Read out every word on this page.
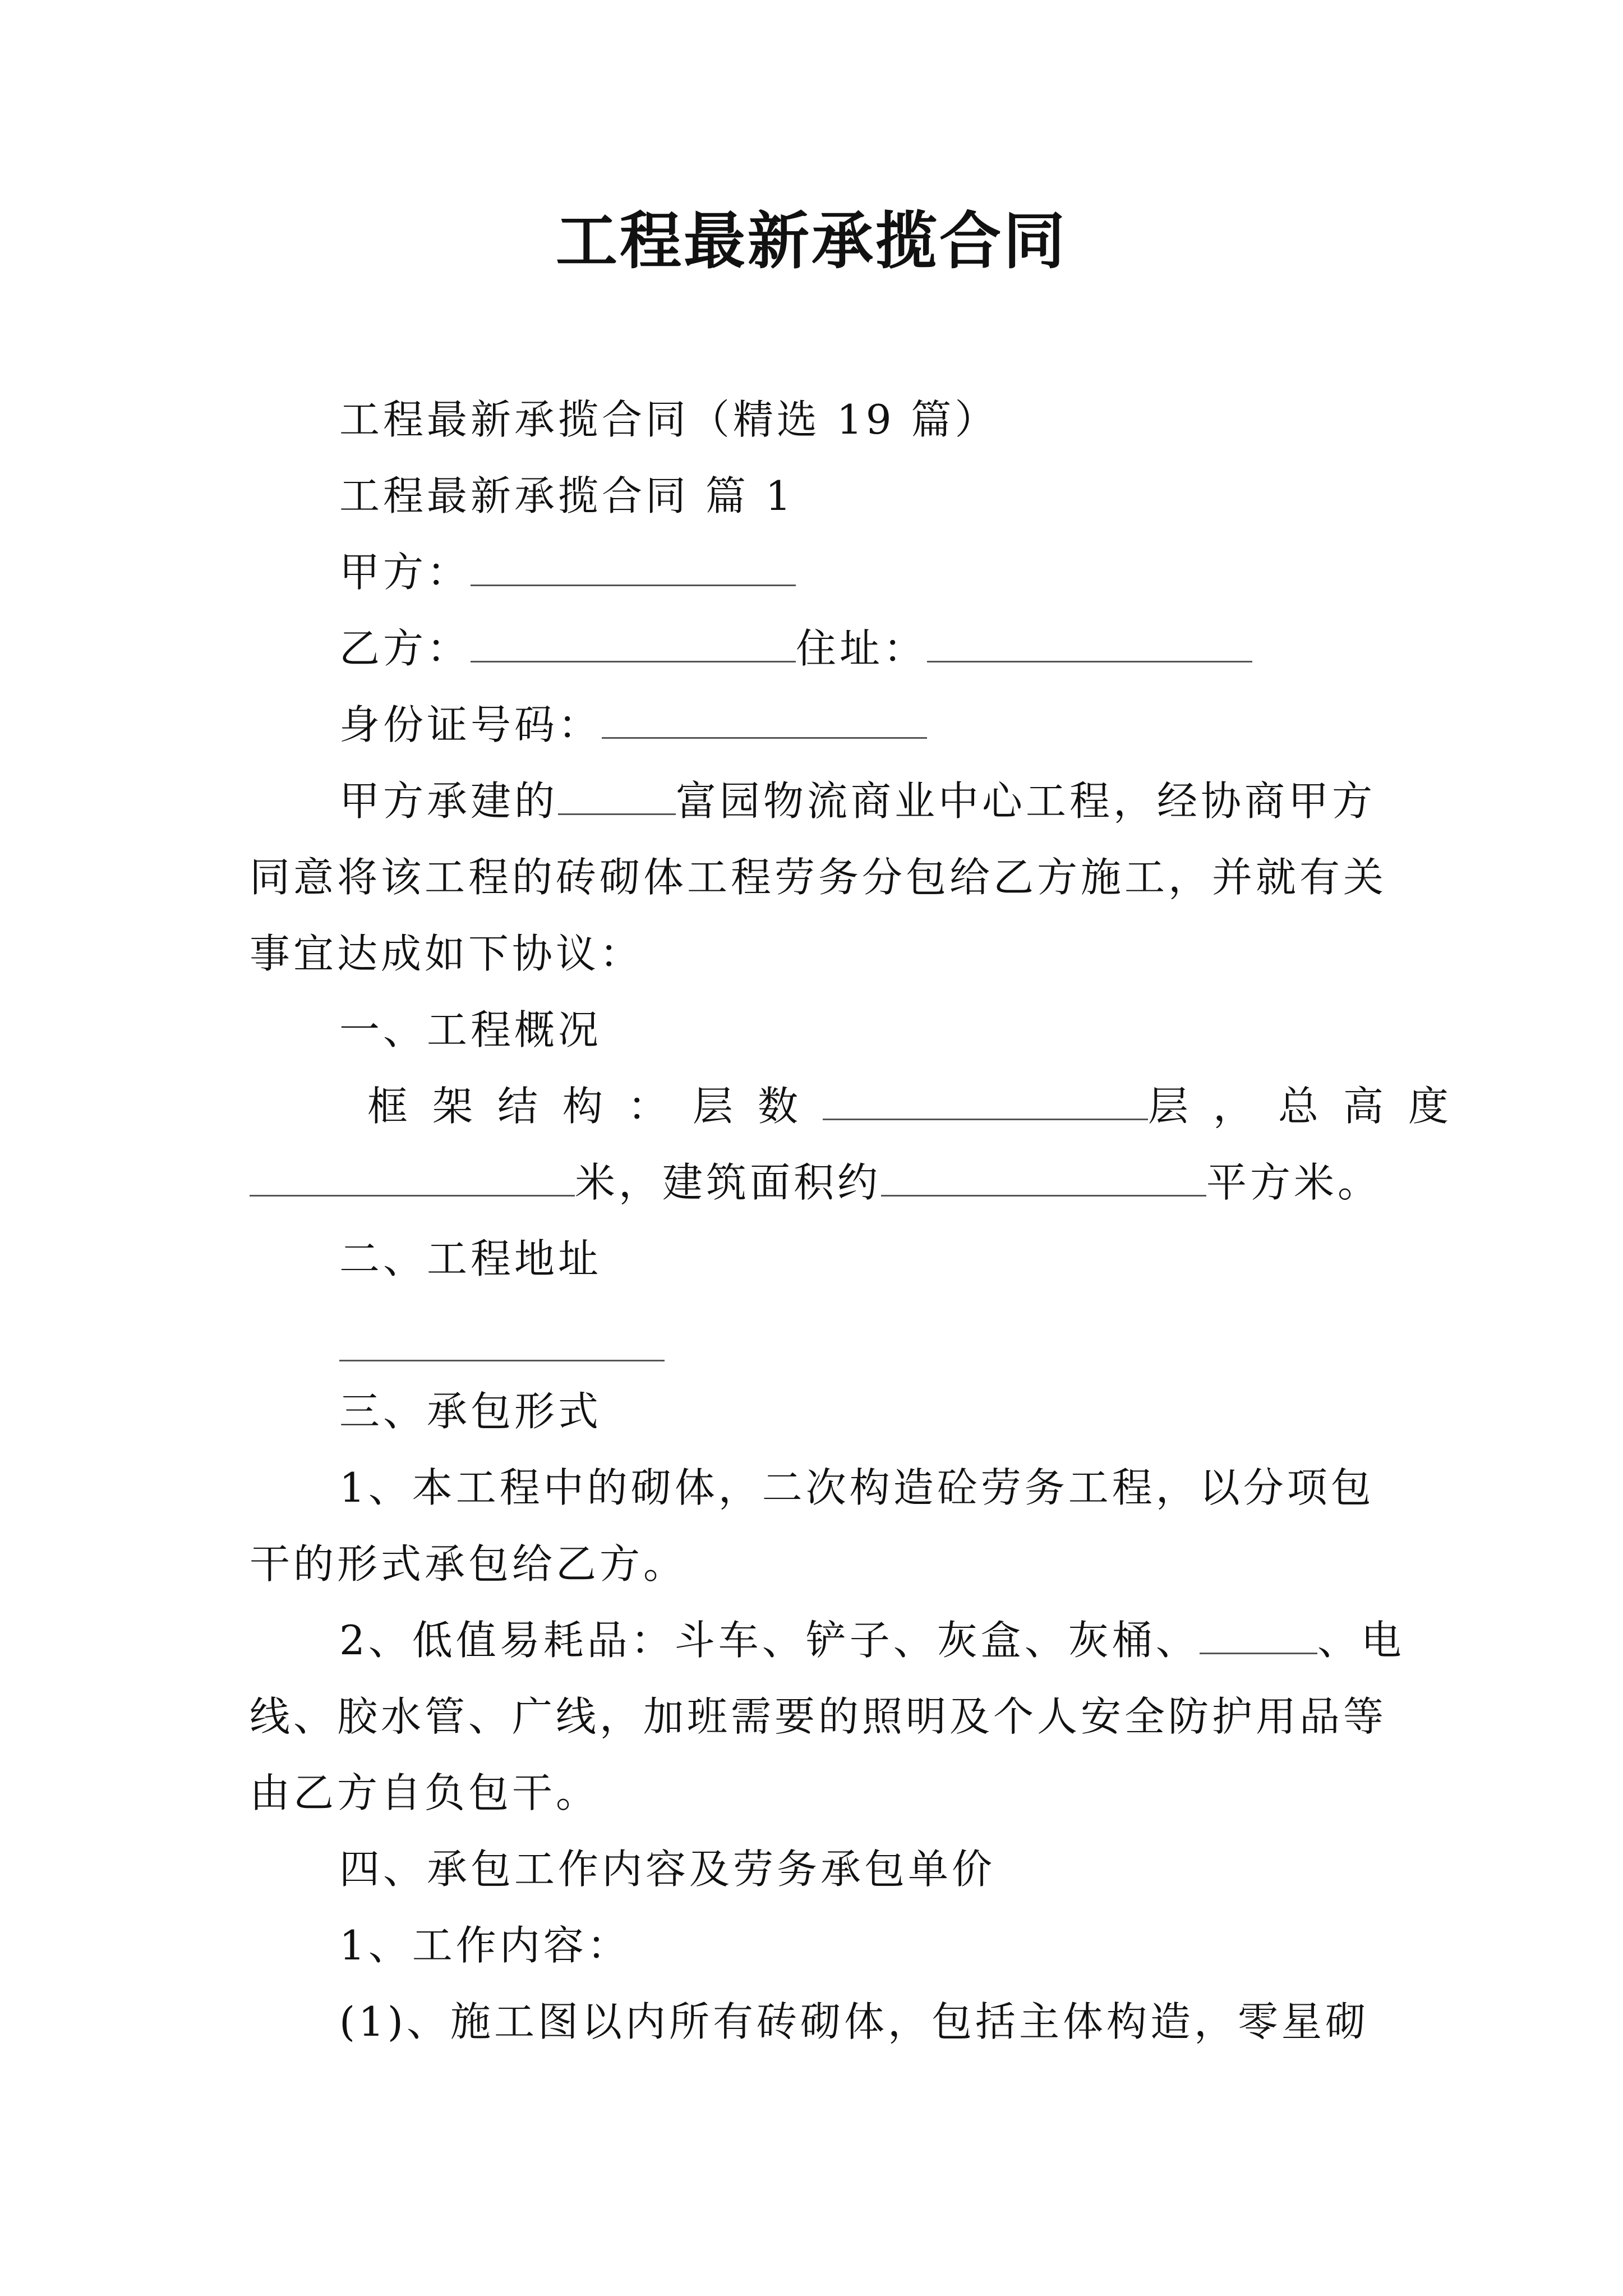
工程最新承揽合同

工程最新承揽合同（精选 19 篇）

工程最新承揽合同 篇 1

甲方：

乙方：	住址：

身份证号码：

甲方承建的	富园物流商业中心工程，经协商甲方

同意将该工程的砖砌体工程劳务分包给乙方施工，并就有关

事宜达成如下协议：

一、工程概况

框架结构：层数	层，总高度

米，建筑面积约	平方米。

二、工程地址

三、承包形式

1、本工程中的砌体，二次构造砼劳务工程，以分项包

干的形式承包给乙方。

2、低值易耗品：斗车、铲子、灰盒、灰桶、	、电

线、胶水管、广线，加班需要的照明及个人安全防护用品等

由乙方自负包干。

四、承包工作内容及劳务承包单价

1、工作内容：

(1)、施工图以内所有砖砌体，包括主体构造，零星砌
